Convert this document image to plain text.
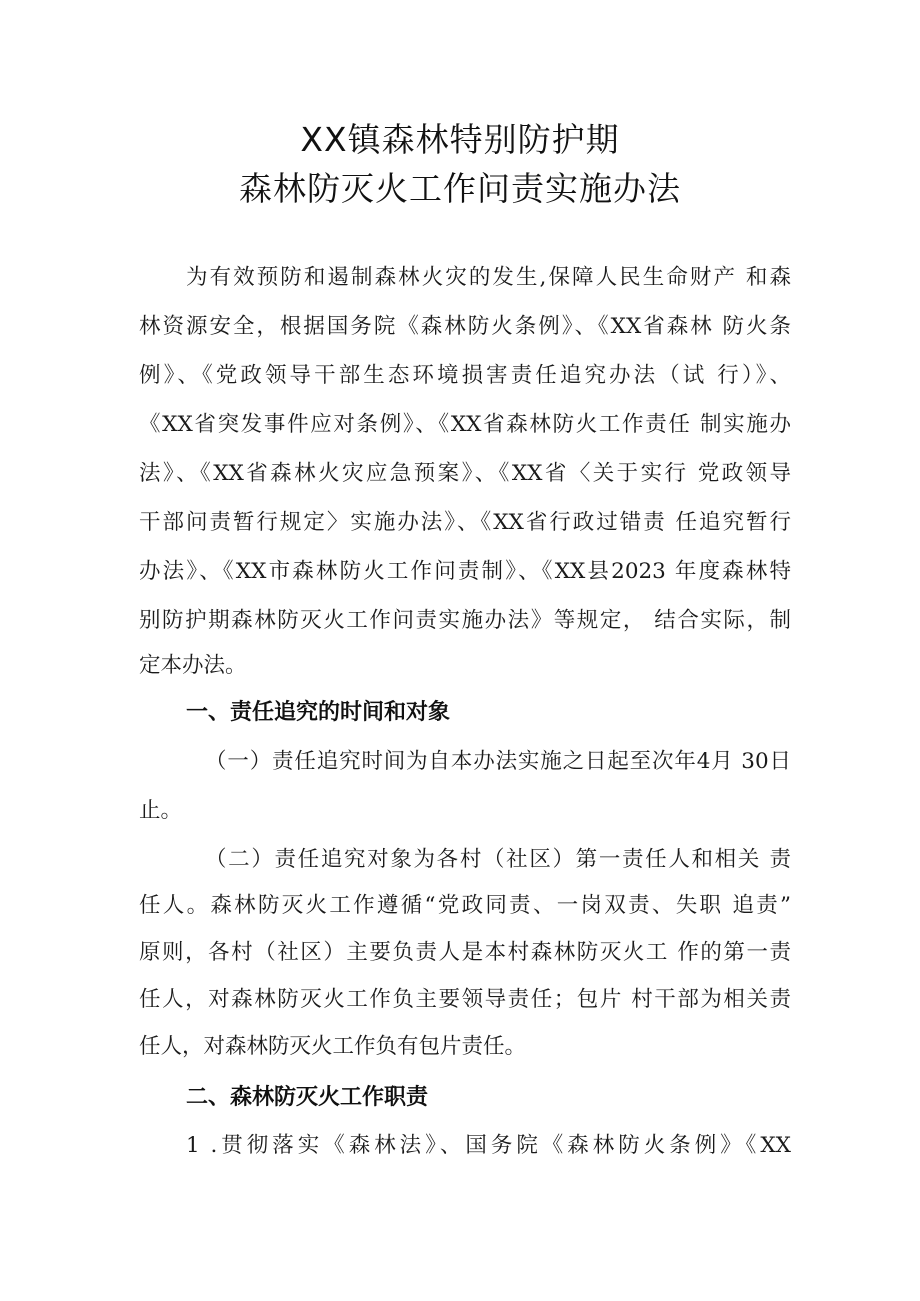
XX镇森林特别防护期
森林防灭火工作问责实施办法
为有效预防和遏制森林火灾的发生,保障人民生命财产 和森
林资源安全，根据国务院《森林防火条例》、《XX省森林 防火条
例》、《党政领导干部生态环境损害责任追究办法（试 行）》、
《XX省突发事件应对条例》、《XX省森林防火工作责任 制实施办
法》、《XX省森林火灾应急预案》、《XX省〈关于实行 党政领导
干部问责暂行规定〉实施办法》、《XX省行政过错责 任追究暂行
办法》、《XX市森林防火工作问责制》、《XX县2023 年度森林特
别防护期森林防灭火工作问责实施办法》等规定， 结合实际，制
定本办法。
一、责任追究的时间和对象
（一）责任追究时间为自本办法实施之日起至次年4月 30日
止。
（二）责任追究对象为各村（社区）第一责任人和相关 责
任人。森林防灭火工作遵循“党政同责、一岗双责、失职 追责”
原则，各村（社区）主要负责人是本村森林防灭火工 作的第一责
任人，对森林防灭火工作负主要领导责任；包片 村干部为相关责
任人，对森林防灭火工作负有包片责任。
二、森林防灭火工作职责
1 .贯彻落实《森林法》、国务院《森林防火条例》《XX
